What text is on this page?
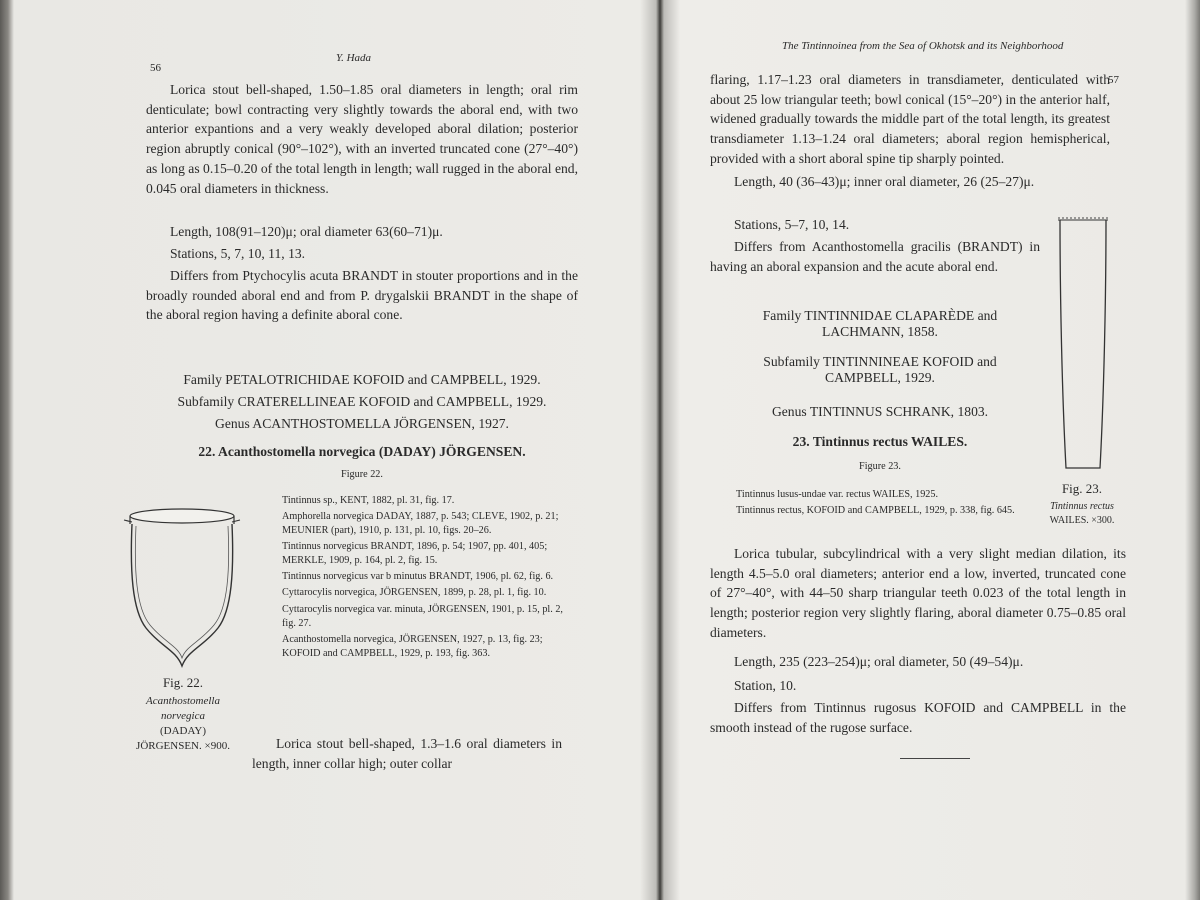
56
Y. Hada
Lorica stout bell-shaped, 1.50–1.85 oral diameters in length; oral rim denticulate; bowl contracting very slightly towards the aboral end, with two anterior expantions and a very weakly developed aboral dilation; posterior region abruptly conical (90°–102°), with an inverted truncated cone (27°–40°) as long as 0.15–0.20 of the total length in length; wall rugged in the aboral end, 0.045 oral diameters in thickness.
Length, 108(91–120)μ; oral diameter 63(60–71)μ.
Stations, 5, 7, 10, 11, 13.
Differs from Ptychocylis acuta BRANDT in stouter proportions and in the broadly rounded aboral end and from P. drygalskii BRANDT in the shape of the aboral region having a definite aboral cone.
Family PETALOTRICHIDAE KOFOID and CAMPBELL, 1929.
Subfamily CRATERELLINEAE KOFOID and CAMPBELL, 1929.
Genus ACANTHOSTOMELLA JÖRGENSEN, 1927.
22. Acanthostomella norvegica (DADAY) JÖRGENSEN.
Figure 22.
Tintinnus sp., KENT, 1882, pl. 31, fig. 17.
Amphorella norvegica DADAY, 1887, p. 543; CLEVE, 1902, p. 21; MEUNIER (part), 1910, p. 131, pl. 10, figs. 20–26.
Tintinnus norvegicus BRANDT, 1896, p. 54; 1907, pp. 401, 405; MERKLE, 1909, p. 164, pl. 2, fig. 15.
Tintinnus norvegicus var b minutus BRANDT, 1906, pl. 62, fig. 6.
Cyttarocylis norvegica, JÖRGENSEN, 1899, p. 28, pl. 1, fig. 10.
Cyttarocylis norvegica var. minuta, JÖRGENSEN, 1901, p. 15, pl. 2, fig. 27.
Acanthostomella norvegica, JÖRGENSEN, 1927, p. 13, fig. 23; KOFOID and CAMPBELL, 1929, p. 193, fig. 363.
Fig. 22.
Acanthostomella
norvegica
(DADAY)
JÖRGENSEN. ×900.	Lorica stout bell-shaped, 1.3–1.6 oral diameters in length, inner collar high; outer collar
The Tintinnoinea from the Sea of Okhotsk and its Neighborhood
57
flaring, 1.17–1.23 oral diameters in transdiameter, denticulated with about 25 low triangular teeth; bowl conical (15°–20°) in the anterior half, widened gradually towards the middle part of the total length, its greatest transdiameter 1.13–1.24 oral diameters; aboral region hemispherical, provided with a short aboral spine tip sharply pointed.
Length, 40 (36–43)μ; inner oral diameter, 26 (25–27)μ.
Stations, 5–7, 10, 14.
Differs from Acanthostomella gracilis (BRANDT) in having an aboral expansion and the acute aboral end.
Family TINTINNIDAE CLAPARÈDE and LACHMANN, 1858.
Subfamily TINTINNINEAE KOFOID and CAMPBELL, 1929.
Genus TINTINNUS SCHRANK, 1803.
23. Tintinnus rectus WAILES.
Figure 23.
Tintinnus lusus-undae var. rectus WAILES, 1925.
Tintinnus rectus, KOFOID and CAMPBELL, 1929, p. 338, fig. 645.
Fig. 23.
Tintinnus rectus
WAILES. ×300.
Lorica tubular, subcylindrical with a very slight median dilation, its length 4.5–5.0 oral diameters; anterior end a low, inverted, truncated cone of 27°–40°, with 44–50 sharp triangular teeth 0.023 of the total length in length; posterior region very slightly flaring, aboral diameter 0.75–0.85 oral diameters.
Length, 235 (223–254)μ; oral diameter, 50 (49–54)μ.
Station, 10.
Differs from Tintinnus rugosus KOFOID and CAMPBELL in the smooth instead of the rugose surface.
